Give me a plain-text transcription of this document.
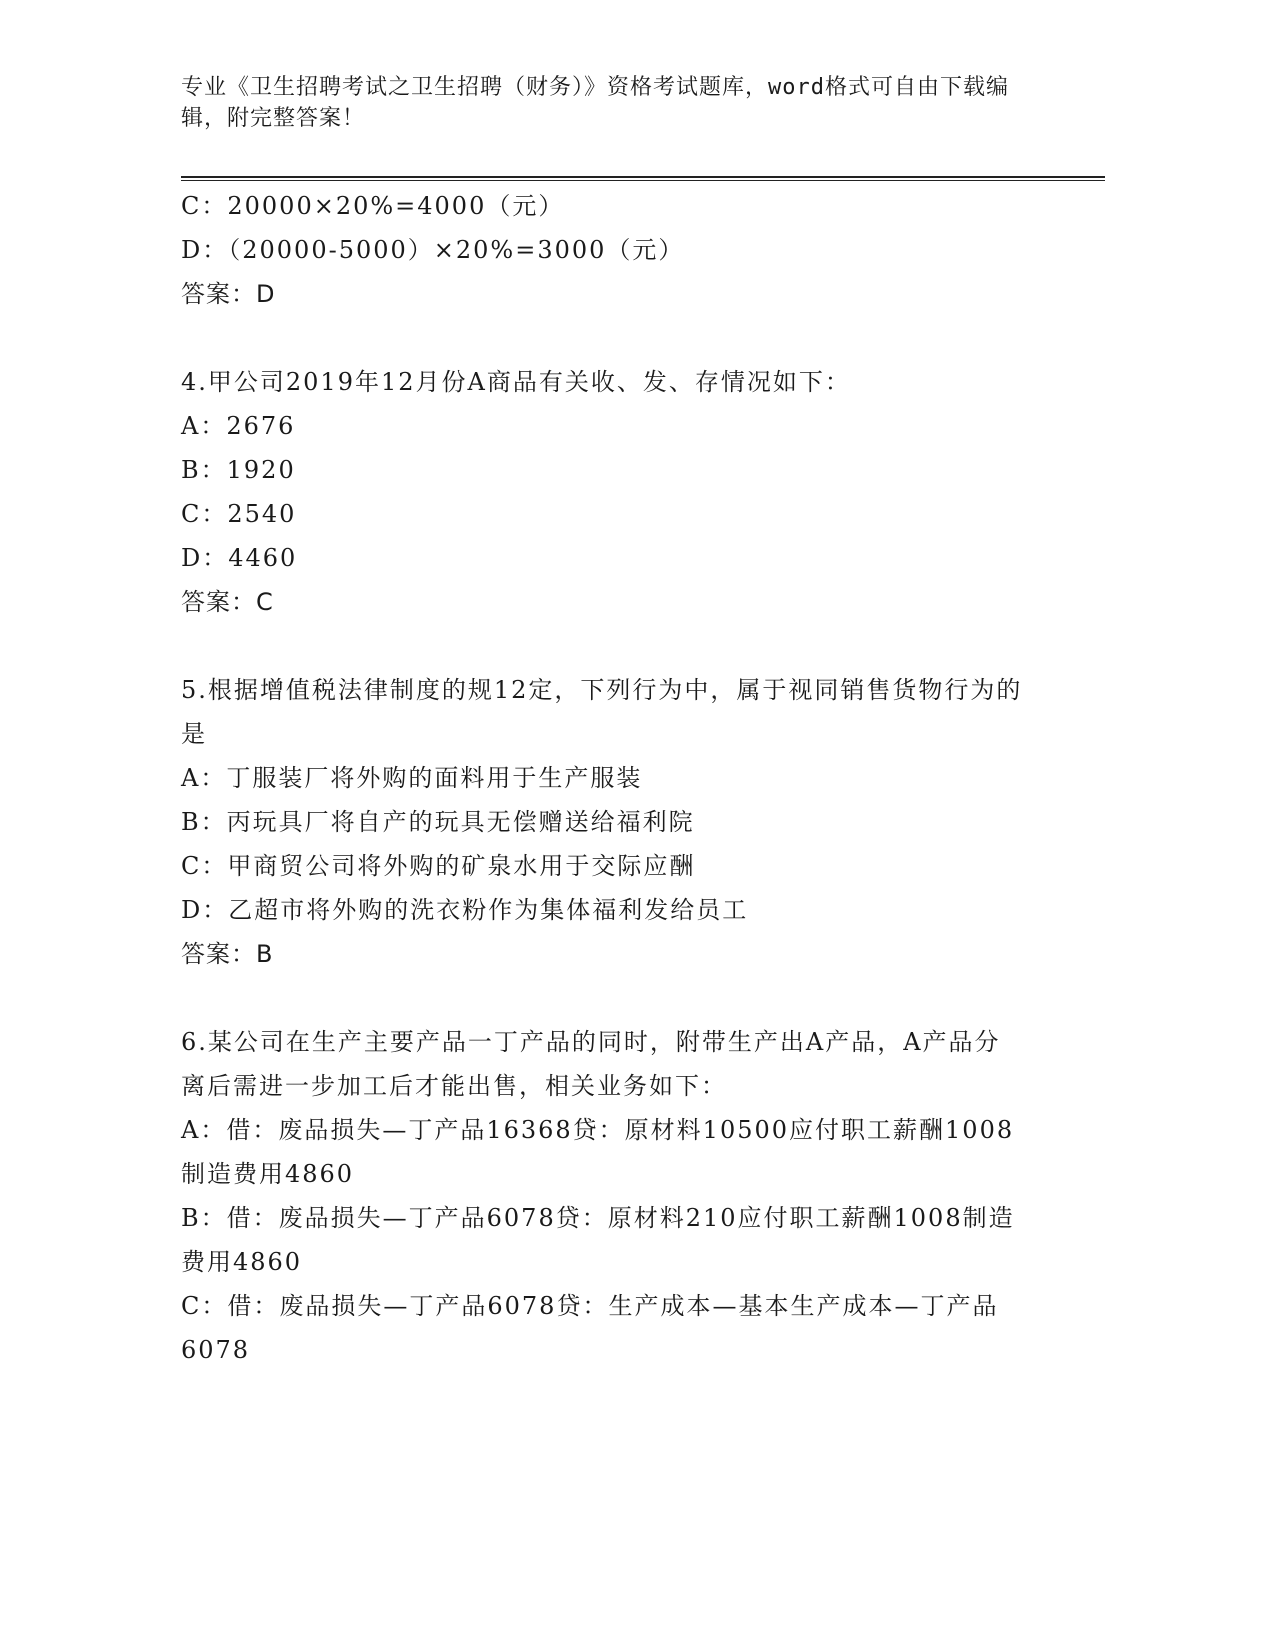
专业《卫生招聘考试之卫生招聘（财务）》资格考试题库，word格式可自由下载编辑，附完整答案！
C：20000×20%=4000（元）
D：（20000-5000）×20%=3000（元）
答案：D
4.甲公司2019年12月份A商品有关收、发、存情况如下：
A：2676
B：1920
C：2540
D：4460
答案：C
5.根据增值税法律制度的规12定，下列行为中，属于视同销售货物行为的是
A：丁服装厂将外购的面料用于生产服装
B：丙玩具厂将自产的玩具无偿赠送给福利院
C：甲商贸公司将外购的矿泉水用于交际应酬
D：乙超市将外购的洗衣粉作为集体福利发给员工
答案：B
6.某公司在生产主要产品一丁产品的同时，附带生产出A产品，A产品分离后需进一步加工后才能出售，相关业务如下：
A：借：废品损失—丁产品16368贷：原材料10500应付职工薪酬1008制造费用4860
B：借：废品损失—丁产品6078贷：原材料210应付职工薪酬1008制造费用4860
C：借：废品损失—丁产品6078贷：生产成本—基本生产成本—丁产品6078
